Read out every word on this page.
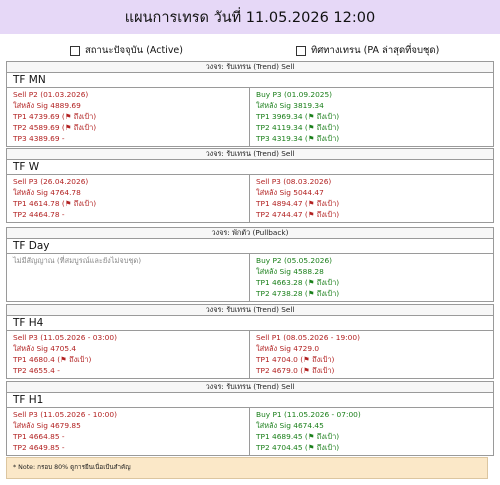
แผนการเทรด วันที่ 11.05.2026 12:00
สถานะปัจจุบัน (Active)	ทิศทางเทรน (PA ล่าสุดที่จบชุด)
วงจร: รับเทรน (Trend) Sell
TF MN
Sell P2 (01.03.2026)
ใส่หลัง Sig 4889.69
TP1 4739.69 (⚑ ถึงเป้า)
TP2 4589.69 (⚑ ถึงเป้า)
TP3 4389.69 -
Buy P3 (01.09.2025)
ใส่หลัง Sig 3819.34
TP1 3969.34 (⚑ ถึงเป้า)
TP2 4119.34 (⚑ ถึงเป้า)
TP3 4319.34 (⚑ ถึงเป้า)
วงจร: รับเทรน (Trend) Sell
TF W
Sell P3 (26.04.2026)
ใส่หลัง Sig 4764.78
TP1 4614.78 (⚑ ถึงเป้า)
TP2 4464.78 -
Sell P3 (08.03.2026)
ใส่หลัง Sig 5044.47
TP1 4894.47 (⚑ ถึงเป้า)
TP2 4744.47 (⚑ ถึงเป้า)
วงจร: พักตัว (Pullback)
TF Day
ไม่มีสัญญาณ (ที่สมบูรณ์และยังไม่จบชุด)	Buy P2 (05.05.2026)
ใส่หลัง Sig 4588.28
TP1 4663.28 (⚑ ถึงเป้า)
TP2 4738.28 (⚑ ถึงเป้า)
วงจร: รับเทรน (Trend) Sell
TF H4
Sell P3 (11.05.2026 - 03:00)
ใส่หลัง Sig 4705.4
TP1 4680.4 (⚑ ถึงเป้า)
TP2 4655.4 -
Sell P1 (08.05.2026 - 19:00)
ใส่หลัง Sig 4729.0
TP1 4704.0 (⚑ ถึงเป้า)
TP2 4679.0 (⚑ ถึงเป้า)
วงจร: รับเทรน (Trend) Sell
TF H1
Sell P3 (11.05.2026 - 10:00)
ใส่หลัง Sig 4679.85
TP1 4664.85 -
TP2 4649.85 -
Buy P1 (11.05.2026 - 07:00)
ใส่หลัง Sig 4674.45
TP1 4689.45 (⚑ ถึงเป้า)
TP2 4704.45 (⚑ ถึงเป้า)
* Note: กรอบ 80% ดูการยืนเนื่อเป้นสำคัญ
